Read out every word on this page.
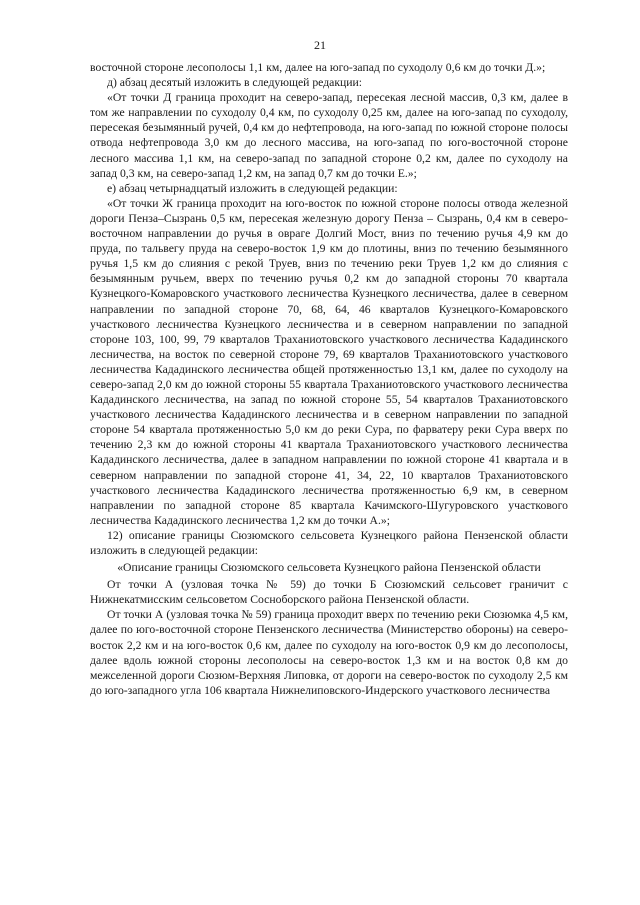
21

восточной стороне лесополосы 1,1 км, далее на юго-запад по суходолу 0,6 км до точки Д.»;

д) абзац десятый изложить в следующей редакции:

«От точки Д граница проходит на северо-запад, пересекая лесной массив, 0,3 км, далее в том же направлении по суходолу 0,4 км, по суходолу 0,25 км, далее на юго-запад по суходолу, пересекая безымянный ручей, 0,4 км до нефтепровода, на юго-запад по южной стороне полосы отвода нефтепровода 3,0 км до лесного массива, на юго-запад по юго-восточной стороне лесного массива 1,1 км, на северо-запад по западной стороне 0,2 км, далее по суходолу на запад 0,3 км, на северо-запад 1,2 км, на запад 0,7 км до точки Е.»;

е) абзац четырнадцатый изложить в следующей редакции:

«От точки Ж граница проходит на юго-восток по южной стороне полосы отвода железной дороги Пенза–Сызрань 0,5 км, пересекая железную дорогу Пенза – Сызрань, 0,4 км в северо-восточном направлении до ручья в овраге Долгий Мост, вниз по течению ручья 4,9 км до пруда, по тальвегу пруда на северо-восток 1,9 км до плотины, вниз по течению безымянного ручья 1,5 км до слияния с рекой Труев, вниз по течению реки Труев 1,2 км до слияния с безымянным ручьем, вверх по течению ручья 0,2 км до западной стороны 70 квартала Кузнецкого-Комаровского участкового лесничества Кузнецкого лесничества, далее в северном направлении по западной стороне 70, 68, 64, 46 кварталов Кузнецкого-Комаровского участкового лесничества Кузнецкого лесничества и в северном направлении по западной стороне 103, 100, 99, 79 кварталов Трахaниотовского участкового лесничества Кададинского лесничества, на восток по северной стороне 79, 69 кварталов Трахaниотовского участкового лесничества Кададинского лесничества общей протяженностью 13,1 км, далее по суходолу на северо-запад 2,0 км до южной стороны 55 квартала Трахaниотовского участкового лесничества Кададинского лесничества, на запад по южной стороне 55, 54 кварталов Трахaниотовского участкового лесничества Кададинского лесничества и в северном направлении по западной стороне 54 квартала протяженностью 5,0 км до реки Сура, по фарватеру реки Сура вверх по течению 2,3 км до южной стороны 41 квартала Трахaниотовского участкового лесничества Кададинского лесничества, далее в западном направлении по южной стороне 41 квартала и в северном направлении по западной стороне 41, 34, 22, 10 кварталов Трахaниотовского участкового лесничества Кададинского лесничества протяженностью 6,9 км, в северном направлении по западной стороне 85 квартала Качимского-Шугуровского участкового лесничества Кададинского лесничества 1,2 км до точки А.»;

12) описание границы Сюзюмского сельсовета Кузнецкого района Пензенской области изложить в следующей редакции:

«Описание границы Сюзюмского сельсовета Кузнецкого района Пензенской области

От точки А (узловая точка № 59) до точки Б Сюзюмский сельсовет граничит с Нижнекатмисским сельсоветом Сосноборского района Пензенской области.

От точки А (узловая точка № 59) граница проходит вверх по течению реки Сюзюмка 4,5 км, далее по юго-восточной стороне Пензенского лесничества (Министерство обороны) на северо-восток 2,2 км и на юго-восток 0,6 км, далее по суходолу на юго-восток 0,9 км до лесополосы, далее вдоль южной стороны лесополосы на северо-восток 1,3 км и на восток 0,8 км до межселенной дороги Сюзюм-Верхняя Липовка, от дороги на северо-восток по суходолу 2,5 км до юго-западного угла 106 квартала Нижнелиповского-Индерского участкового лесничества
